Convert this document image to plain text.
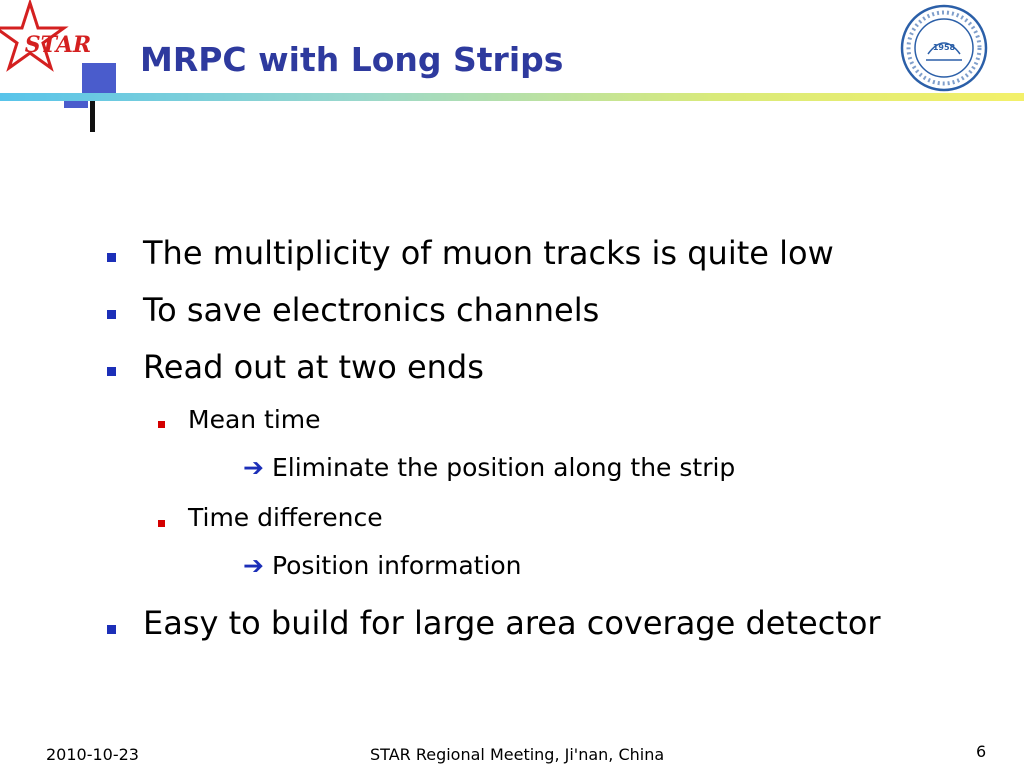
STAR MRPC with Long Strips	1958
The multiplicity of muon tracks is quite low
To save electronics channels
Read out at two ends
Mean time
➔ Eliminate the position along the strip
Time difference
➔ Position information
Easy to build for large area coverage detector
2010-10-23	STAR Regional Meeting, Ji'nan, China	6
